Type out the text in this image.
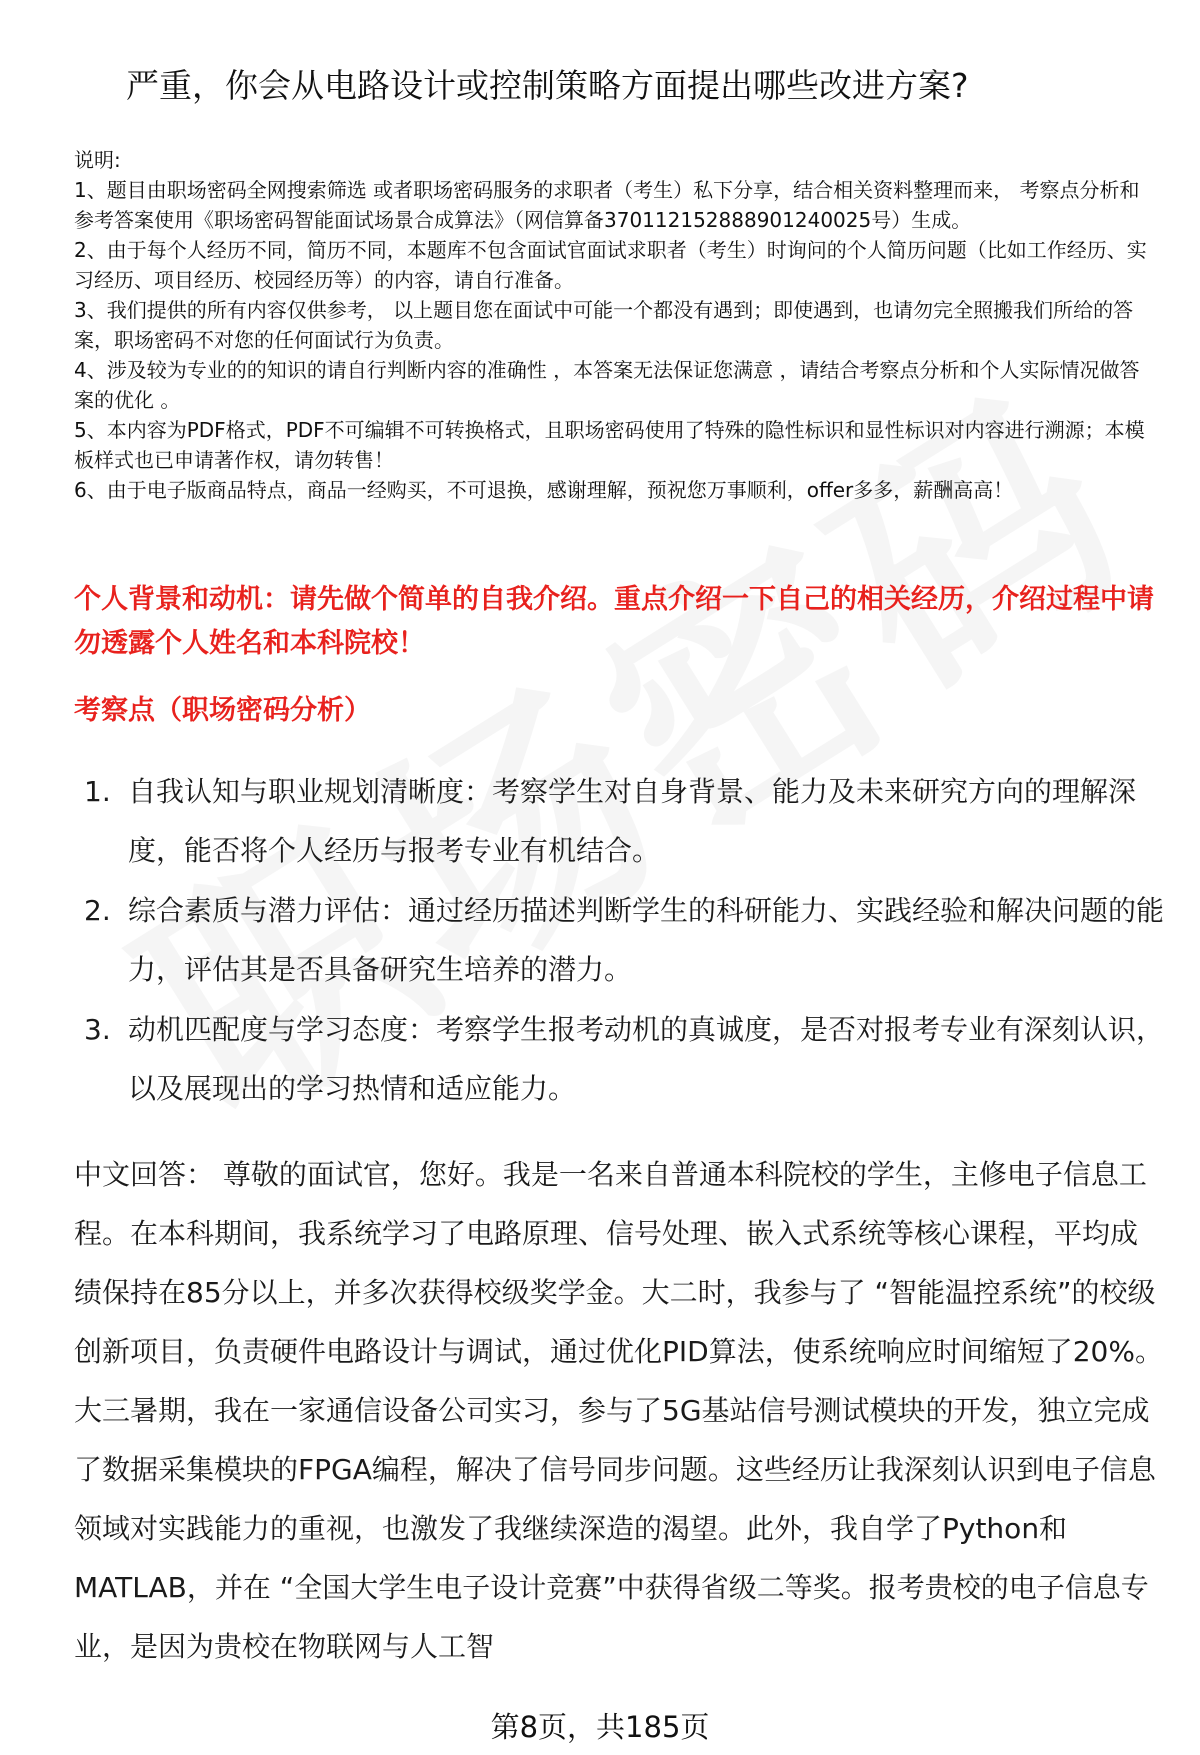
严重，你会从电路设计或控制策略方面提出哪些改进方案?

说明:

1、题目由职场密码全网搜索筛选 或者职场密码服务的求职者（考生）私下分享，结合相关资料整理而来， 考察点分析和参考答案使用《职场密码智能面试场景合成算法》（网信算备370112152888901240025号）生成。

2、由于每个人经历不同，简历不同，本题库不包含面试官面试求职者（考生）时询问的个人简历问题（比如工作经历、实习经历、项目经历、校园经历等）的内容，请自行准备。

3、我们提供的所有内容仅供参考， 以上题目您在面试中可能一个都没有遇到；即使遇到，也请勿完全照搬我们所给的答案，职场密码不对您的任何面试行为负责。

4、涉及较为专业的的知识的请自行判断内容的准确性 ，本答案无法保证您满意 ，请结合考察点分析和个人实际情况做答案的优化 。

5、本内容为PDF格式，PDF不可编辑不可转换格式，且职场密码使用了特殊的隐性标识和显性标识对内容进行溯源；本模板样式也已申请著作权，请勿转售！

6、由于电子版商品特点，商品一经购买，不可退换，感谢理解，预祝您万事顺利，offer多多，薪酬高高！

个人背景和动机：请先做个简单的自我介绍。重点介绍一下自己的相关经历，介绍过程中请勿透露个人姓名和本科院校！
考察点（职场密码分析）
1. 自我认知与职业规划清晰度：考察学生对自身背景、能力及未来研究方向的理解深度，能否将个人经历与报考专业有机结合。
2. 综合素质与潜力评估：通过经历描述判断学生的科研能力、实践经验和解决问题的能力，评估其是否具备研究生培养的潜力。
3. 动机匹配度与学习态度：考察学生报考动机的真诚度，是否对报考专业有深刻认识，以及展现出的学习热情和适应能力。

中文回答： 尊敬的面试官，您好。我是一名来自普通本科院校的学生，主修电子信息工程。在本科期间，我系统学习了电路原理、信号处理、嵌入式系统等核心课程，平均成绩保持在85分以上，并多次获得校级奖学金。大二时，我参与了 “智能温控系统”的校级创新项目，负责硬件电路设计与调试，通过优化PID算法，使系统响应时间缩短了20%。大三暑期，我在一家通信设备公司实习，参与了5G基站信号测试模块的开发，独立完成了数据采集模块的FPGA编程，解决了信号同步问题。这些经历让我深刻认识到电子信息领域对实践能力的重视，也激发了我继续深造的渴望。此外，我自学了Python和MATLAB，并在 “全国大学生电子设计竞赛”中获得省级二等奖。报考贵校的电子信息专业，是因为贵校在物联网与人工智

第8页，共185页
